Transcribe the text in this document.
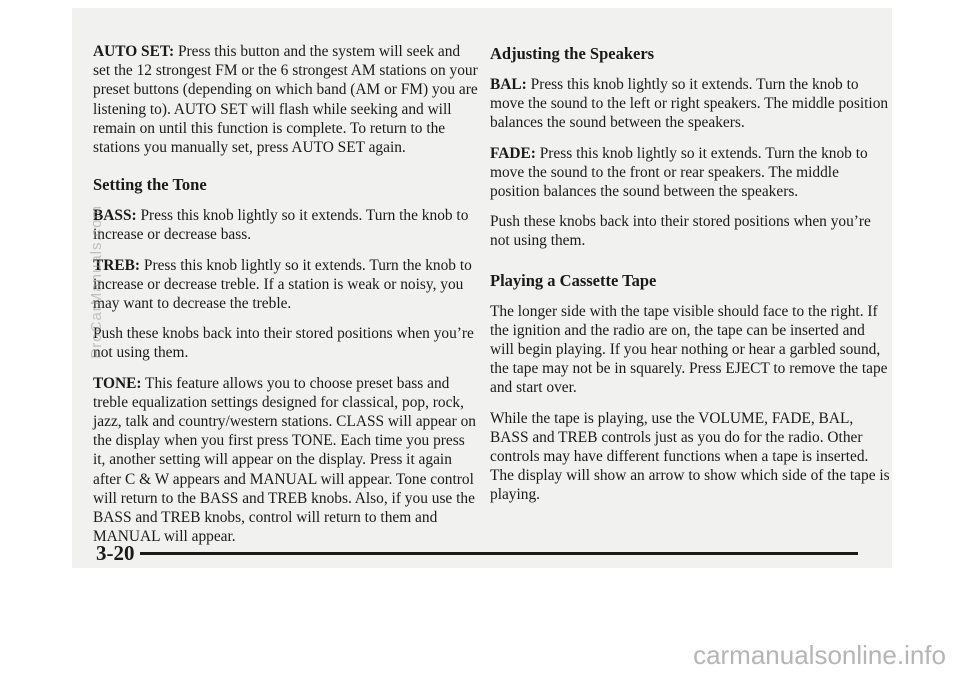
AUTO SET: Press this button and the system will seek and set the 12 strongest FM or the 6 strongest AM stations on your preset buttons (depending on which band (AM or FM) you are listening to). AUTO SET will flash while seeking and will remain on until this function is complete. To return to the stations you manually set, press AUTO SET again.

Setting the Tone

BASS: Press this knob lightly so it extends. Turn the knob to increase or decrease bass.

TREB: Press this knob lightly so it extends. Turn the knob to increase or decrease treble. If a station is weak or noisy, you may want to decrease the treble.

Push these knobs back into their stored positions when you’re not using them.

TONE: This feature allows you to choose preset bass and treble equalization settings designed for classical, pop, rock, jazz, talk and country/western stations. CLASS will appear on the display when you first press TONE. Each time you press it, another setting will appear on the display. Press it again after C & W appears and MANUAL will appear. Tone control will return to the BASS and TREB knobs. Also, if you use the BASS and TREB knobs, control will return to them and MANUAL will appear.

Adjusting the Speakers

BAL: Press this knob lightly so it extends. Turn the knob to move the sound to the left or right speakers. The middle position balances the sound between the speakers.

FADE: Press this knob lightly so it extends. Turn the knob to move the sound to the front or rear speakers. The middle position balances the sound between the speakers.

Push these knobs back into their stored positions when you’re not using them.

Playing a Cassette Tape

The longer side with the tape visible should face to the right. If the ignition and the radio are on, the tape can be inserted and will begin playing. If you hear nothing or hear a garbled sound, the tape may not be in squarely. Press EJECT to remove the tape and start over.

While the tape is playing, use the VOLUME, FADE, BAL, BASS and TREB controls just as you do for the radio. Other controls may have different functions when a tape is inserted. The display will show an arrow to show which side of the tape is playing.

3-20
ProCarManuals.com
carmanualsonline.info
